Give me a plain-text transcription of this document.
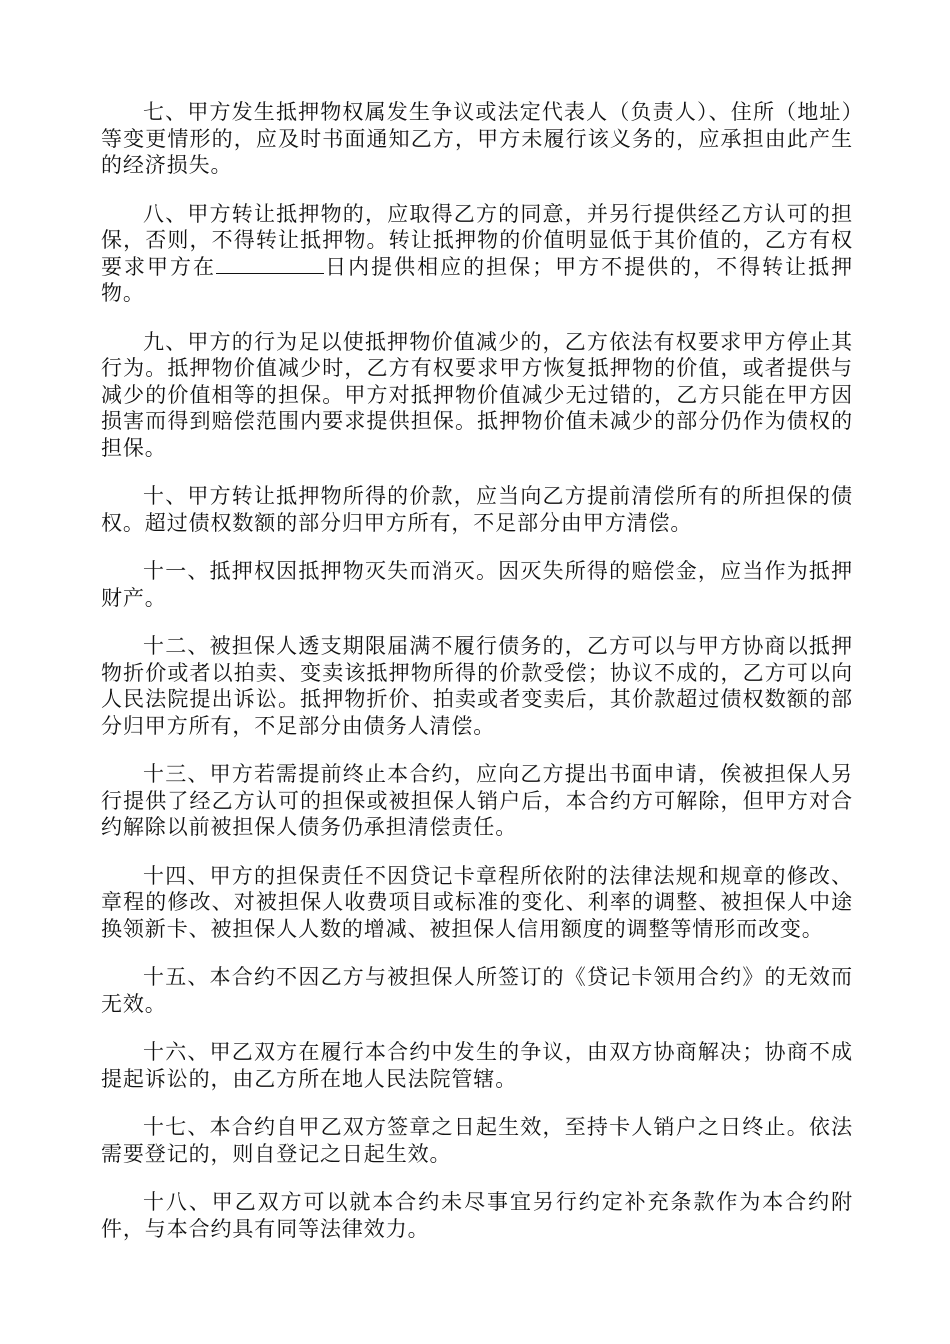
七、甲方发生抵押物权属发生争议或法定代表人（负责人）、住所（地址）等变更情形的，应及时书面通知乙方，甲方未履行该义务的，应承担由此产生的经济损失。

八、甲方转让抵押物的，应取得乙方的同意，并另行提供经乙方认可的担保，否则，不得转让抵押物。转让抵押物的价值明显低于其价值的，乙方有权要求甲方在	日内提供相应的担保；甲方不提供的，不得转让抵押物。

九、甲方的行为足以使抵押物价值减少的，乙方依法有权要求甲方停止其行为。抵押物价值减少时，乙方有权要求甲方恢复抵押物的价值，或者提供与减少的价值相等的担保。甲方对抵押物价值减少无过错的，乙方只能在甲方因损害而得到赔偿范围内要求提供担保。抵押物价值未减少的部分仍作为债权的担保。

十、甲方转让抵押物所得的价款，应当向乙方提前清偿所有的所担保的债权。超过债权数额的部分归甲方所有，不足部分由甲方清偿。

十一、抵押权因抵押物灭失而消灭。因灭失所得的赔偿金，应当作为抵押财产。

十二、被担保人透支期限届满不履行债务的，乙方可以与甲方协商以抵押物折价或者以拍卖、变卖该抵押物所得的价款受偿；协议不成的，乙方可以向人民法院提出诉讼。抵押物折价、拍卖或者变卖后，其价款超过债权数额的部分归甲方所有，不足部分由债务人清偿。

十三、甲方若需提前终止本合约，应向乙方提出书面申请，俟被担保人另行提供了经乙方认可的担保或被担保人销户后，本合约方可解除，但甲方对合约解除以前被担保人债务仍承担清偿责任。

十四、甲方的担保责任不因贷记卡章程所依附的法律法规和规章的修改、章程的修改、对被担保人收费项目或标准的变化、利率的调整、被担保人中途换领新卡、被担保人人数的增减、被担保人信用额度的调整等情形而改变。

十五、本合约不因乙方与被担保人所签订的《贷记卡领用合约》的无效而无效。

十六、甲乙双方在履行本合约中发生的争议，由双方协商解决；协商不成提起诉讼的，由乙方所在地人民法院管辖。

十七、本合约自甲乙双方签章之日起生效，至持卡人销户之日终止。依法需要登记的，则自登记之日起生效。

十八、甲乙双方可以就本合约未尽事宜另行约定补充条款作为本合约附件，与本合约具有同等法律效力。
